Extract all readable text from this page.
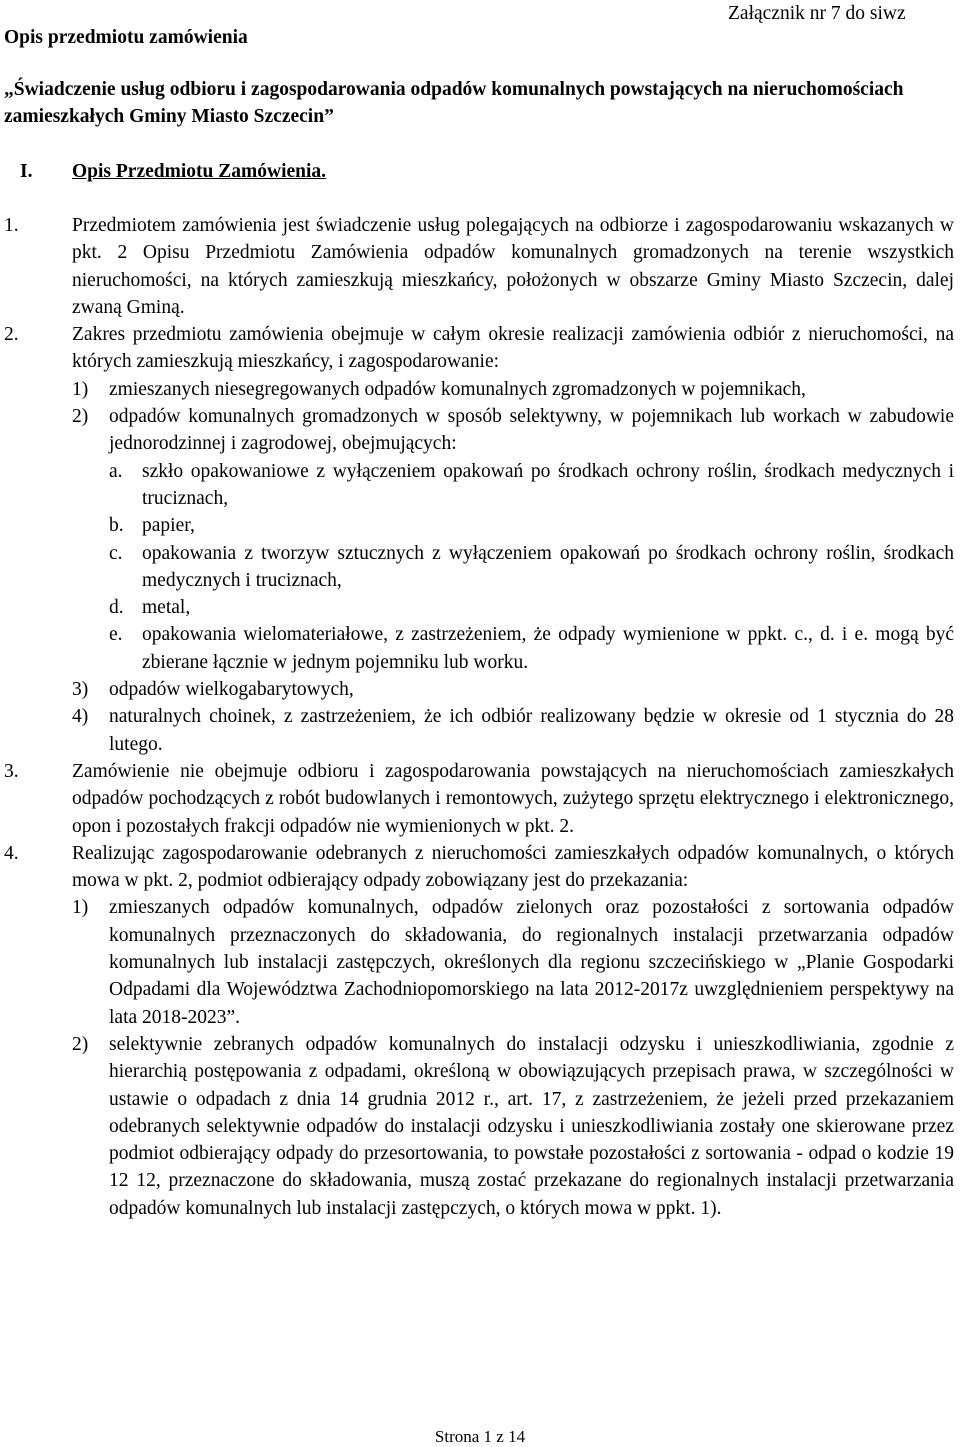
Opis przedmiotu zamówienia
Załącznik nr 7 do siwz
„Świadczenie usług odbioru i zagospodarowania odpadów komunalnych powstających na nieruchomościach zamieszkałych Gminy Miasto Szczecin”
I. Opis Przedmiotu Zamówienia.
1.	Przedmiotem zamówienia jest świadczenie usług polegających na odbiorze i zagospodarowaniu wskazanych w pkt. 2 Opisu Przedmiotu Zamówienia odpadów komunalnych gromadzonych na terenie wszystkich nieruchomości, na których zamieszkują mieszkańcy, położonych w obszarze Gminy Miasto Szczecin, dalej zwaną Gminą.
2.	Zakres przedmiotu zamówienia obejmuje w całym okresie realizacji zamówienia odbiór z nieruchomości, na których zamieszkują mieszkańcy, i zagospodarowanie:
1)	zmieszanych niesegregowanych odpadów komunalnych zgromadzonych w pojemnikach,
2)	odpadów komunalnych gromadzonych w sposób selektywny, w pojemnikach lub workach w zabudowie jednorodzinnej i zagrodowej, obejmujących:
a. szkło opakowaniowe z wyłączeniem opakowań po środkach ochrony roślin, środkach medycznych i truciznach,
b. papier,
c. opakowania z tworzyw sztucznych z wyłączeniem opakowań po środkach ochrony roślin, środkach medycznych i truciznach,
d. metal,
e. opakowania wielomateriałowe, z zastrzeżeniem, że odpady wymienione w ppkt. c., d. i e. mogą być zbierane łącznie w jednym pojemniku lub worku.
3)	odpadów wielkogabarytowych,
4)	naturalnych choinek, z zastrzeżeniem, że ich odbiór realizowany będzie w okresie od 1 stycznia do 28 lutego.
3.	Zamówienie nie obejmuje odbioru i zagospodarowania powstających na nieruchomościach zamieszkałych odpadów pochodzących z robót budowlanych i remontowych, zużytego sprzętu elektrycznego i elektronicznego, opon i pozostałych frakcji odpadów nie wymienionych w pkt. 2.
4.	Realizując zagospodarowanie odebranych z nieruchomości zamieszkałych odpadów komunalnych, o których mowa w pkt. 2, podmiot odbierający odpady zobowiązany jest do przekazania:
1)	zmieszanych odpadów komunalnych, odpadów zielonych oraz pozostałości z sortowania odpadów komunalnych przeznaczonych do składowania, do regionalnych instalacji przetwarzania odpadów komunalnych lub instalacji zastępczych, określonych dla regionu szczecińskiego w „Planie Gospodarki Odpadami dla Województwa Zachodniopomorskiego na lata 2012-2017z uwzględnieniem perspektywy na lata 2018-2023”.
2)	selektywnie zebranych odpadów komunalnych do instalacji odzysku i unieszkodliwiania, zgodnie z hierarchią postępowania z odpadami, określoną w obowiązujących przepisach prawa, w szczególności w ustawie o odpadach z dnia 14 grudnia 2012 r., art. 17, z zastrzeżeniem, że jeżeli przed przekazaniem odebranych selektywnie odpadów do instalacji odzysku i unieszkodliwiania zostały one skierowane przez podmiot odbierający odpady do przesortowania, to powstałe pozostałości z sortowania - odpad o kodzie 19 12 12, przeznaczone do składowania, muszą zostać przekazane do regionalnych instalacji przetwarzania odpadów komunalnych lub instalacji zastępczych, o których mowa w ppkt. 1).
Strona 1 z 14
